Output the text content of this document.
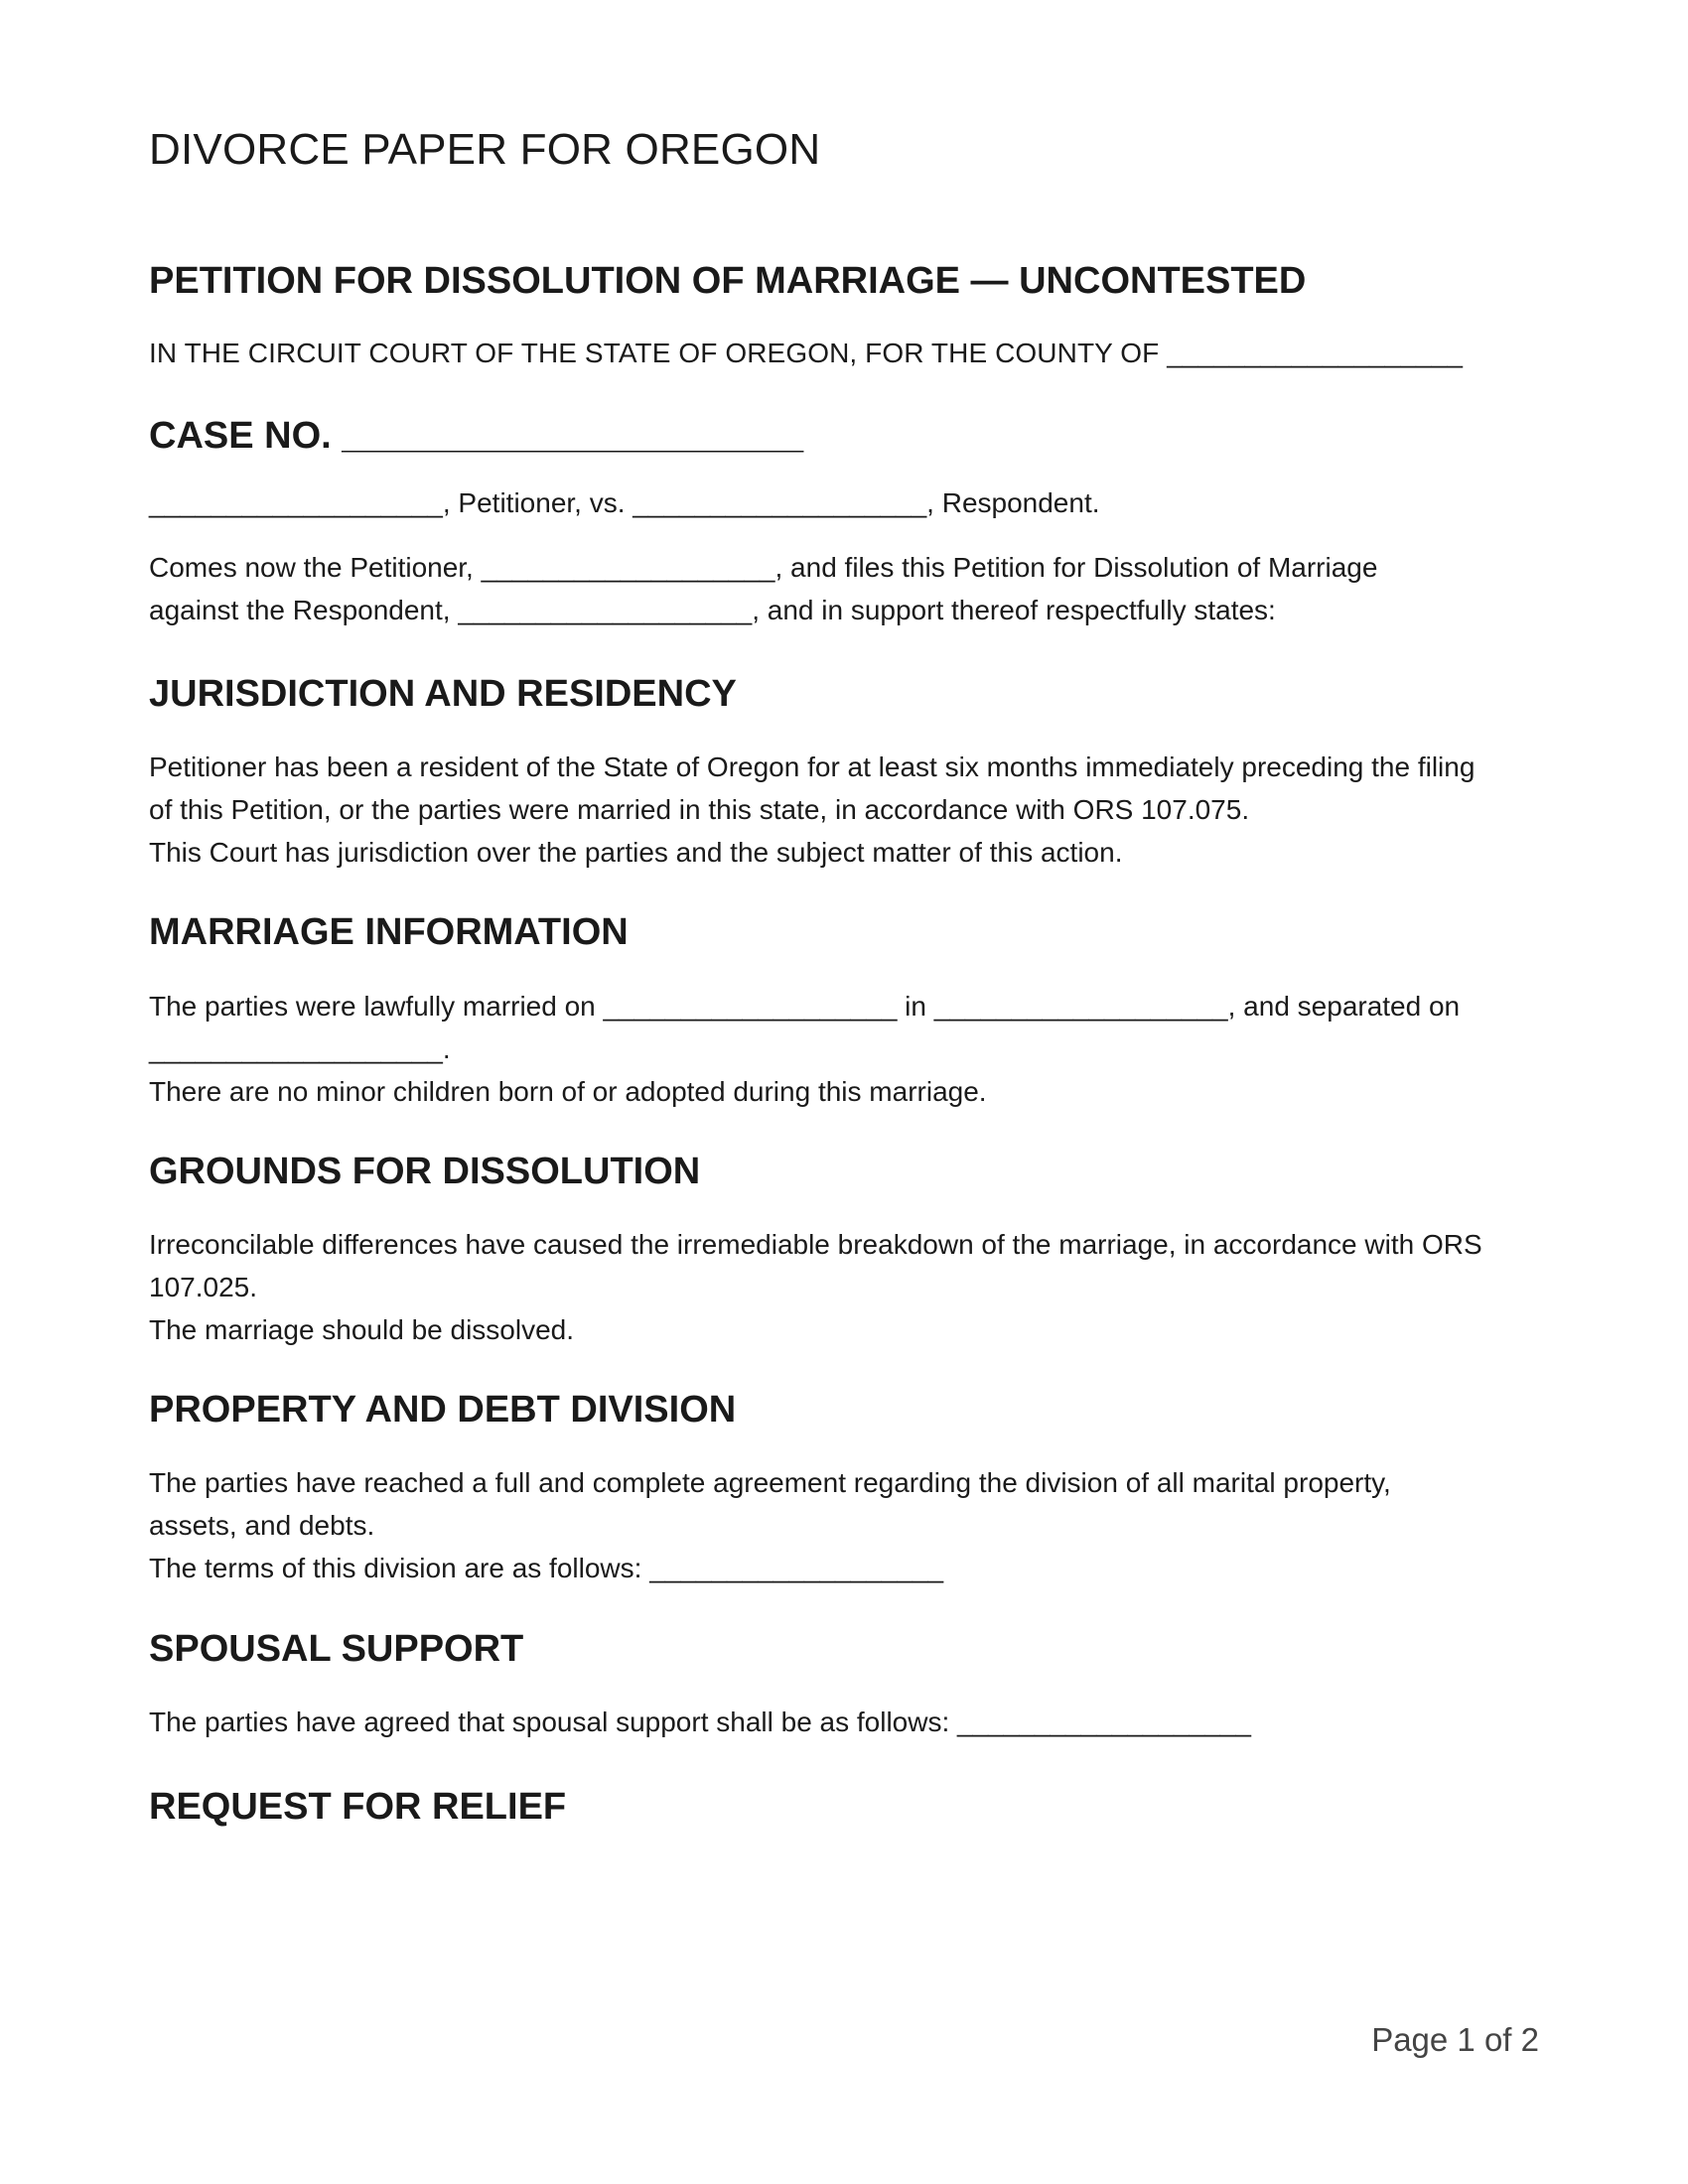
DIVORCE PAPER FOR OREGON
PETITION FOR DISSOLUTION OF MARRIAGE — UNCONTESTED

IN THE CIRCUIT COURT OF THE STATE OF OREGON, FOR THE COUNTY OF ___________________

CASE NO. ______________________

___________________, Petitioner, vs. ___________________, Respondent.

Comes now the Petitioner, ___________________, and files this Petition for Dissolution of Marriage

against the Respondent, ___________________, and in support thereof respectfully states:

JURISDICTION AND RESIDENCY

Petitioner has been a resident of the State of Oregon for at least six months immediately preceding the filing

of this Petition, or the parties were married in this state, in accordance with ORS 107.075.

This Court has jurisdiction over the parties and the subject matter of this action.

MARRIAGE INFORMATION

The parties were lawfully married on ___________________ in ___________________, and separated on

___________________.

There are no minor children born of or adopted during this marriage.

GROUNDS FOR DISSOLUTION

Irreconcilable differences have caused the irremediable breakdown of the marriage, in accordance with ORS

107.025.

The marriage should be dissolved.

PROPERTY AND DEBT DIVISION

The parties have reached a full and complete agreement regarding the division of all marital property,

assets, and debts.

The terms of this division are as follows: ___________________

SPOUSAL SUPPORT

The parties have agreed that spousal support shall be as follows: ___________________

REQUEST FOR RELIEF

Page 1 of 2
